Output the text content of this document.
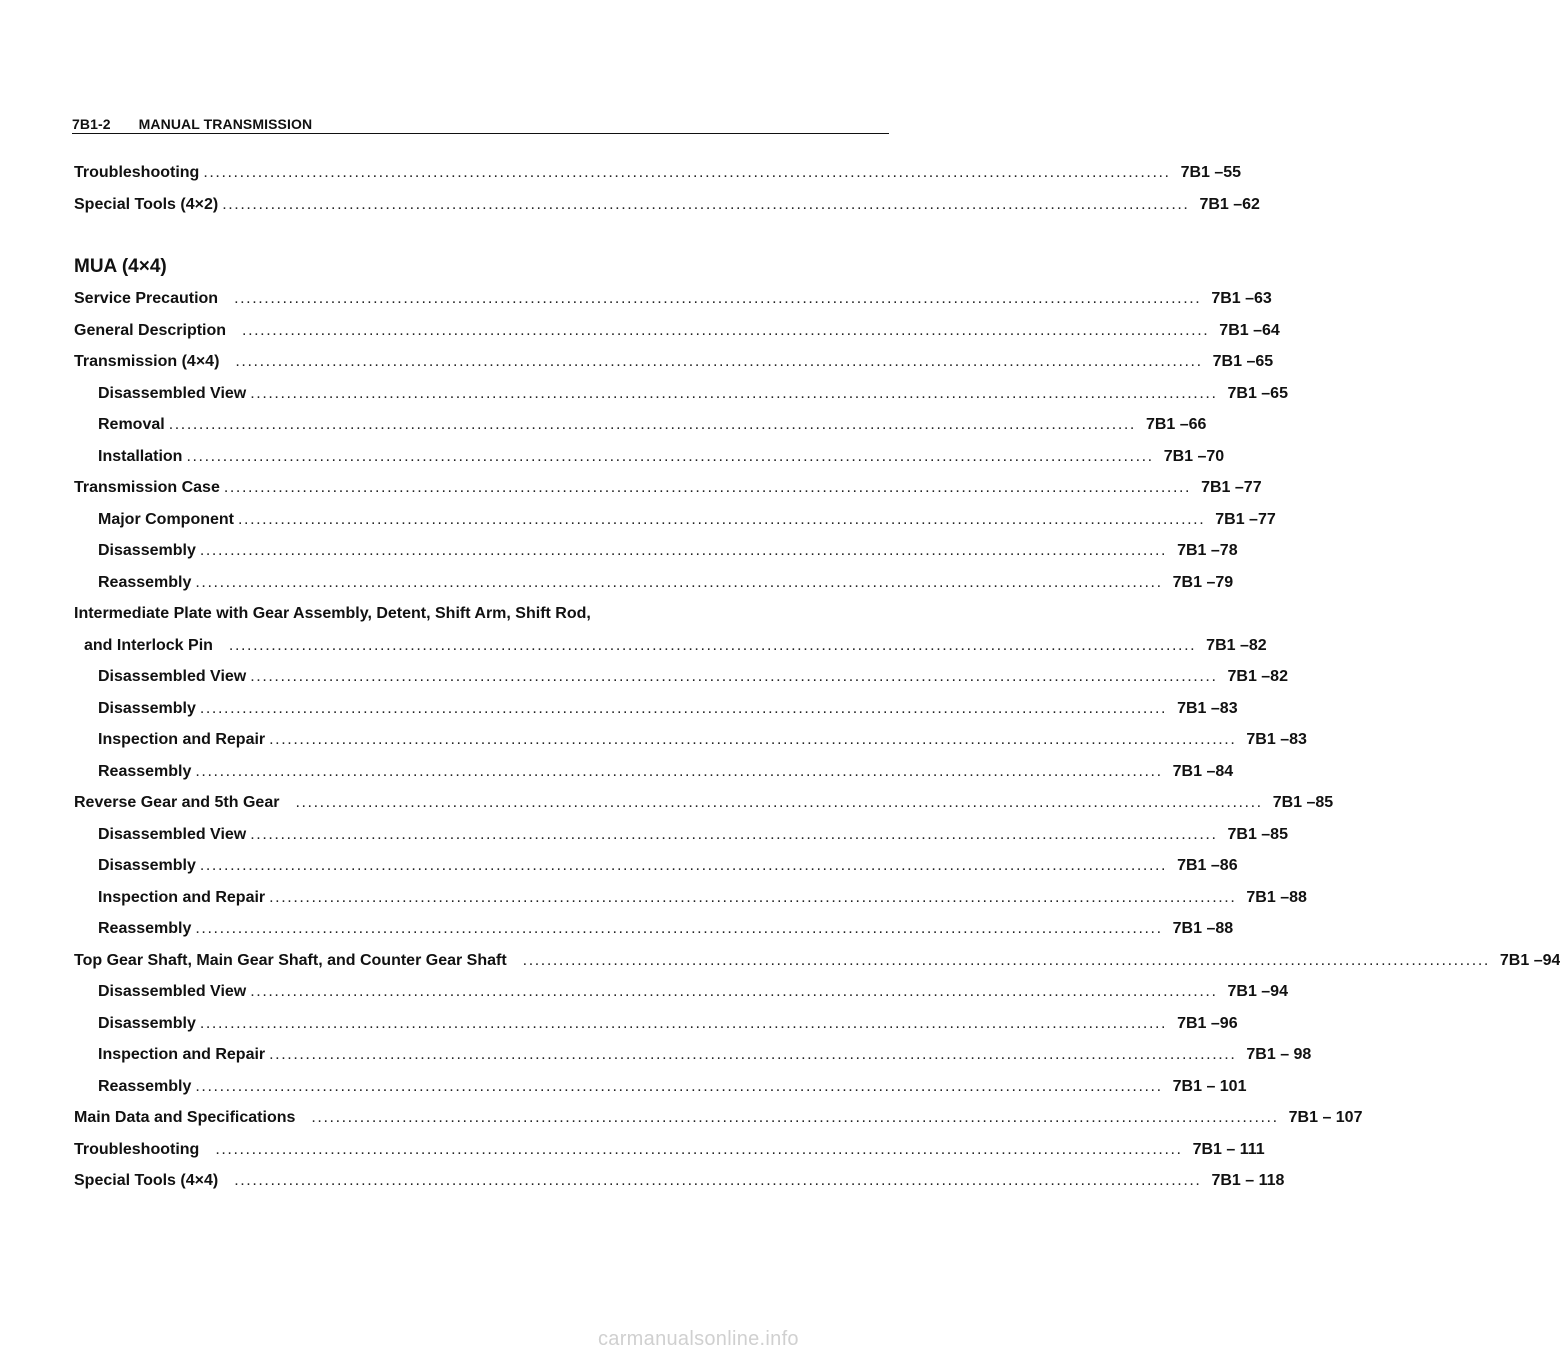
7B1-2 MANUAL TRANSMISSION
Troubleshooting ................................................................................................................................................................ 7B1 –55
Special Tools (4×2) ................................................................................................................................................................ 7B1 –62
MUA (4×4)
Service Precaution ................................................................................................................................................................ 7B1 –63
General Description ................................................................................................................................................................ 7B1 –64
Transmission (4×4) ................................................................................................................................................................ 7B1 –65
Disassembled View ................................................................................................................................................................ 7B1 –65
Removal ................................................................................................................................................................ 7B1 –66
Installation ................................................................................................................................................................ 7B1 –70
Transmission Case ................................................................................................................................................................ 7B1 –77
Major Component ................................................................................................................................................................ 7B1 –77
Disassembly ................................................................................................................................................................ 7B1 –78
Reassembly ................................................................................................................................................................ 7B1 –79
Intermediate Plate with Gear Assembly, Detent, Shift Arm, Shift Rod,
and Interlock Pin ................................................................................................................................................................ 7B1 –82
Disassembled View ................................................................................................................................................................ 7B1 –82
Disassembly ................................................................................................................................................................ 7B1 –83
Inspection and Repair ................................................................................................................................................................ 7B1 –83
Reassembly ................................................................................................................................................................ 7B1 –84
Reverse Gear and 5th Gear ................................................................................................................................................................ 7B1 –85
Disassembled View ................................................................................................................................................................ 7B1 –85
Disassembly ................................................................................................................................................................ 7B1 –86
Inspection and Repair ................................................................................................................................................................ 7B1 –88
Reassembly ................................................................................................................................................................ 7B1 –88
Top Gear Shaft, Main Gear Shaft, and Counter Gear Shaft ................................................................................................................................................................ 7B1 –94
Disassembled View ................................................................................................................................................................ 7B1 –94
Disassembly ................................................................................................................................................................ 7B1 –96
Inspection and Repair ................................................................................................................................................................ 7B1 – 98
Reassembly ................................................................................................................................................................ 7B1 – 101
Main Data and Specifications ................................................................................................................................................................ 7B1 – 107
Troubleshooting ................................................................................................................................................................ 7B1 – 111
Special Tools (4×4) ................................................................................................................................................................ 7B1 – 118
carmanualsonline.info
